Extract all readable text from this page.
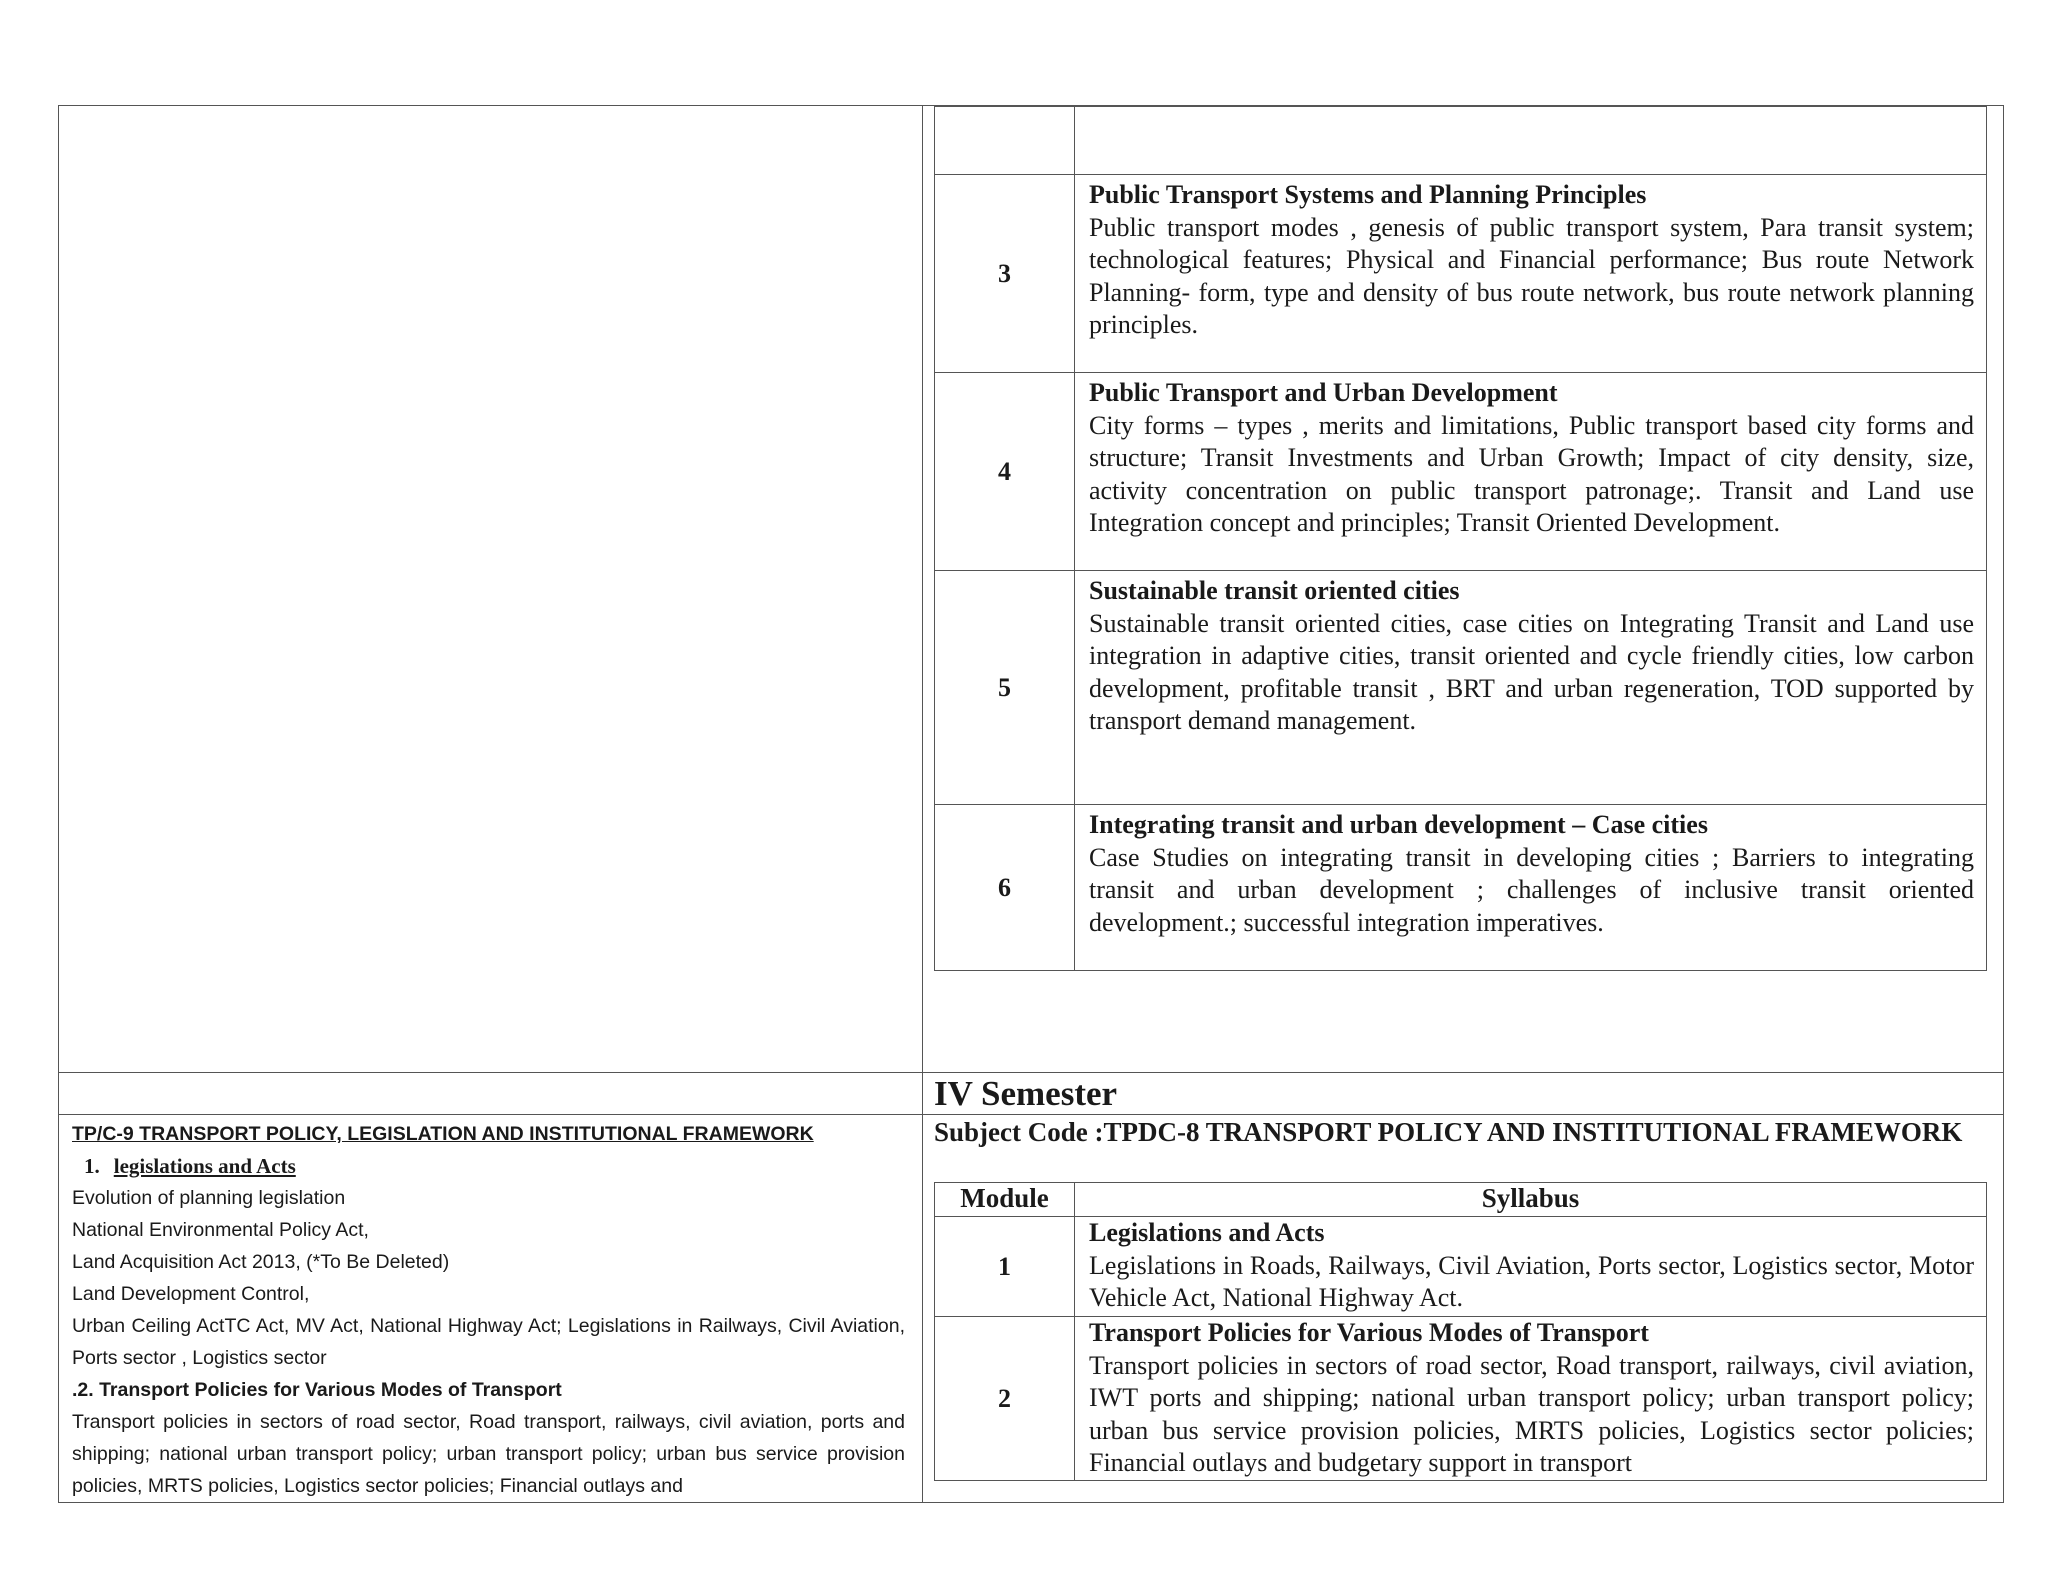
3	Public Transport Systems and Planning Principles
Public transport modes , genesis of public transport system, Para transit system; technological features; Physical and Financial performance; Bus route Network Planning- form, type and density of bus route network, bus route network planning principles.

4	Public Transport and Urban Development
City forms – types , merits and limitations, Public transport based city forms and structure; Transit Investments and Urban Growth; Impact of city density, size, activity concentration on public transport patronage;. Transit and Land use Integration concept and principles; Transit Oriented Development.

5	Sustainable transit oriented cities
Sustainable transit oriented cities, case cities on Integrating Transit and Land use integration in adaptive cities, transit oriented and cycle friendly cities, low carbon development, profitable transit , BRT and urban regeneration, TOD supported by transport demand management.

6	Integrating transit and urban development – Case cities
Case Studies on integrating transit in developing cities ; Barriers to integrating transit and urban development ; challenges of inclusive transit oriented development.; successful integration imperatives.
IV Semester
Subject Code :TPDC-8 TRANSPORT POLICY AND INSTITUTIONAL FRAMEWORK
Module	Syllabus
1	Legislations and Acts
Legislations in Roads, Railways, Civil Aviation, Ports sector, Logistics sector, Motor Vehicle Act, National Highway Act.

2	Transport Policies for Various Modes of Transport
Transport policies in sectors of road sector, Road transport, railways, civil aviation, IWT ports and shipping; national urban transport policy; urban transport policy; urban bus service provision policies, MRTS policies, Logistics sector policies; Financial outlays and budgetary support in transport
TP/C-9 TRANSPORT POLICY, LEGISLATION AND INSTITUTIONAL FRAMEWORK
1. legislations and Acts
Evolution of planning legislation
National Environmental Policy Act,
Land Acquisition Act 2013, (*To Be Deleted)
Land Development Control,
Urban Ceiling ActTC Act, MV Act, National Highway Act; Legislations in Railways, Civil Aviation, Ports sector , Logistics sector
.2. Transport Policies for Various Modes of Transport
Transport policies in sectors of road sector, Road transport, railways, civil aviation, ports and shipping; national urban transport policy; urban transport policy; urban bus service provision policies, MRTS policies, Logistics sector policies; Financial outlays and
